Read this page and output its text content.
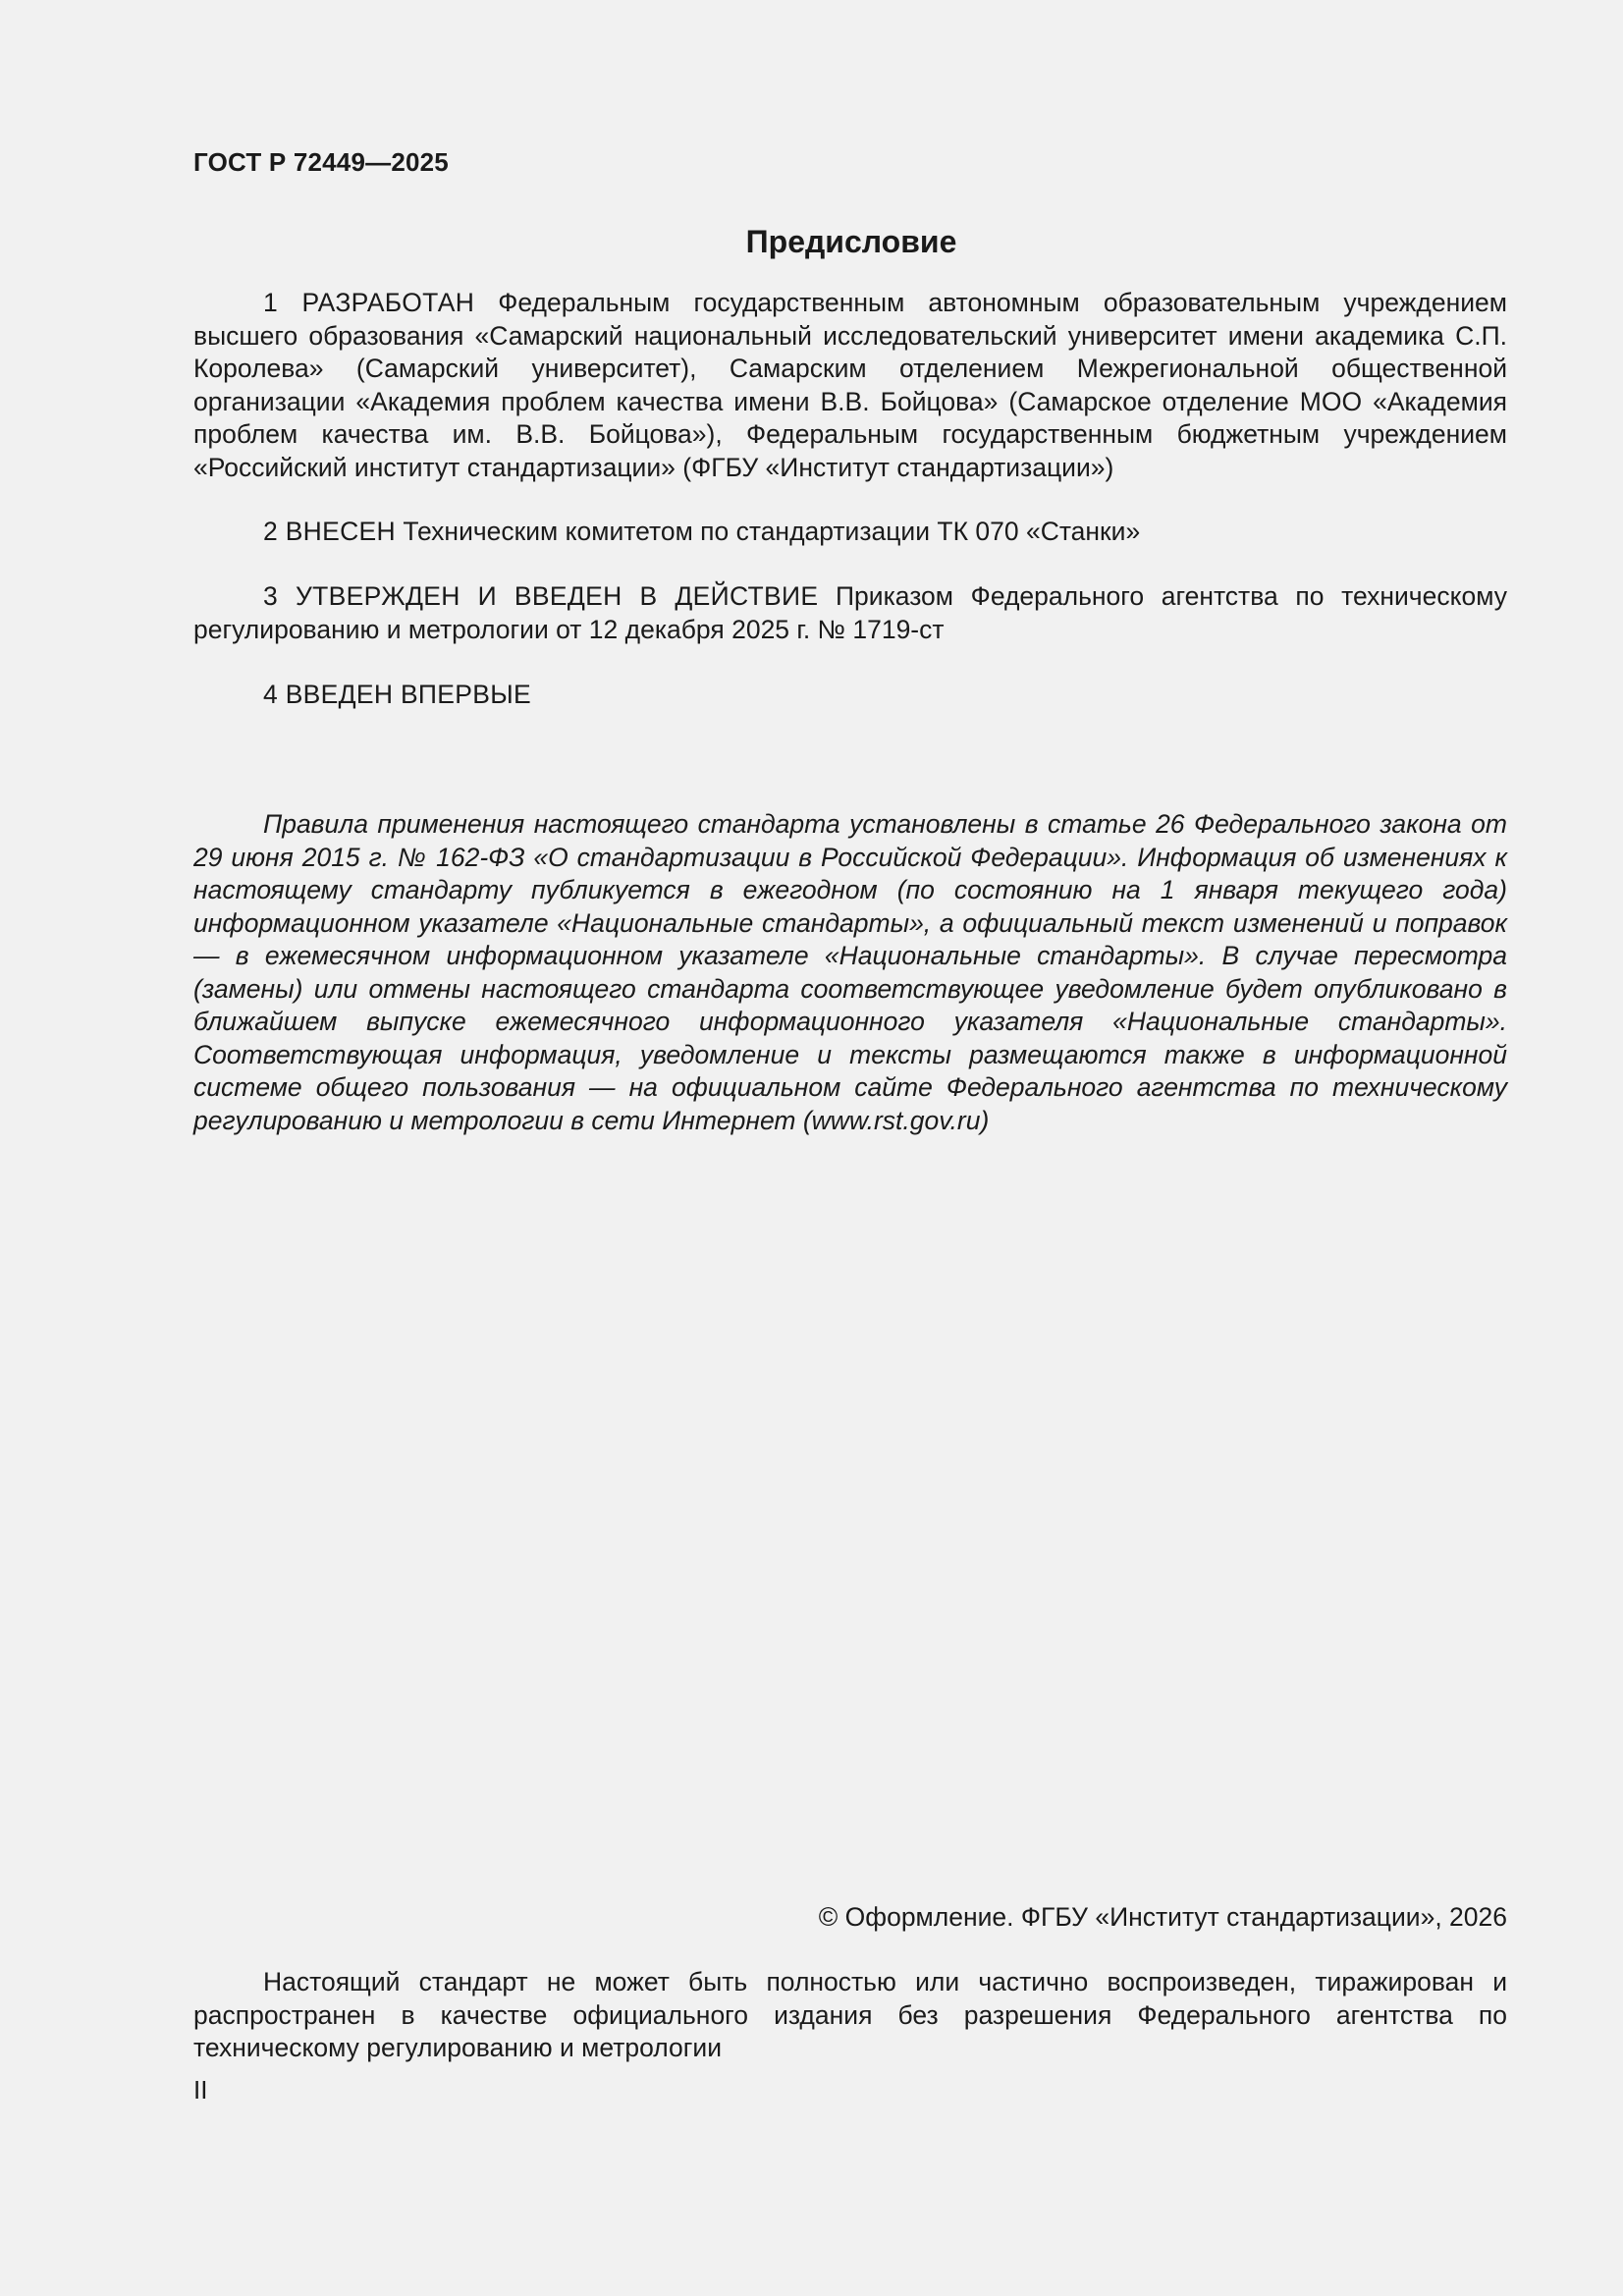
ГОСТ Р 72449—2025
Предисловие

1 РАЗРАБОТАН Федеральным государственным автономным образовательным учреждением высшего образования «Самарский национальный исследовательский университет имени академика С.П. Королева» (Самарский университет), Самарским отделением Межрегиональной общественной организации «Академия проблем качества имени В.В. Бойцова» (Самарское отделение МОО «Академия проблем качества им. В.В. Бойцова»), Федеральным государственным бюджетным учреждением «Российский институт стандартизации» (ФГБУ «Институт стандартизации»)

2 ВНЕСЕН Техническим комитетом по стандартизации ТК 070 «Станки»

3 УТВЕРЖДЕН И ВВЕДЕН В ДЕЙСТВИЕ Приказом Федерального агентства по техническому регулированию и метрологии от 12 декабря 2025 г. № 1719-ст

4 ВВЕДЕН ВПЕРВЫЕ

Правила применения настоящего стандарта установлены в статье 26 Федерального закона от 29 июня 2015 г. № 162-ФЗ «О стандартизации в Российской Федерации». Информация об изменениях к настоящему стандарту публикуется в ежегодном (по состоянию на 1 января текущего года) информационном указателе «Национальные стандарты», а официальный текст изменений и поправок — в ежемесячном информационном указателе «Национальные стандарты». В случае пересмотра (замены) или отмены настоящего стандарта соответствующее уведомление будет опубликовано в ближайшем выпуске ежемесячного информационного указателя «Национальные стандарты». Соответствующая информация, уведомление и тексты размещаются также в информационной системе общего пользования — на официальном сайте Федерального агентства по техническому регулированию и метрологии в сети Интернет (www.rst.gov.ru)

© Оформление. ФГБУ «Институт стандартизации», 2026

Настоящий стандарт не может быть полностью или частично воспроизведен, тиражирован и распространен в качестве официального издания без разрешения Федерального агентства по техническому регулированию и метрологии

II
